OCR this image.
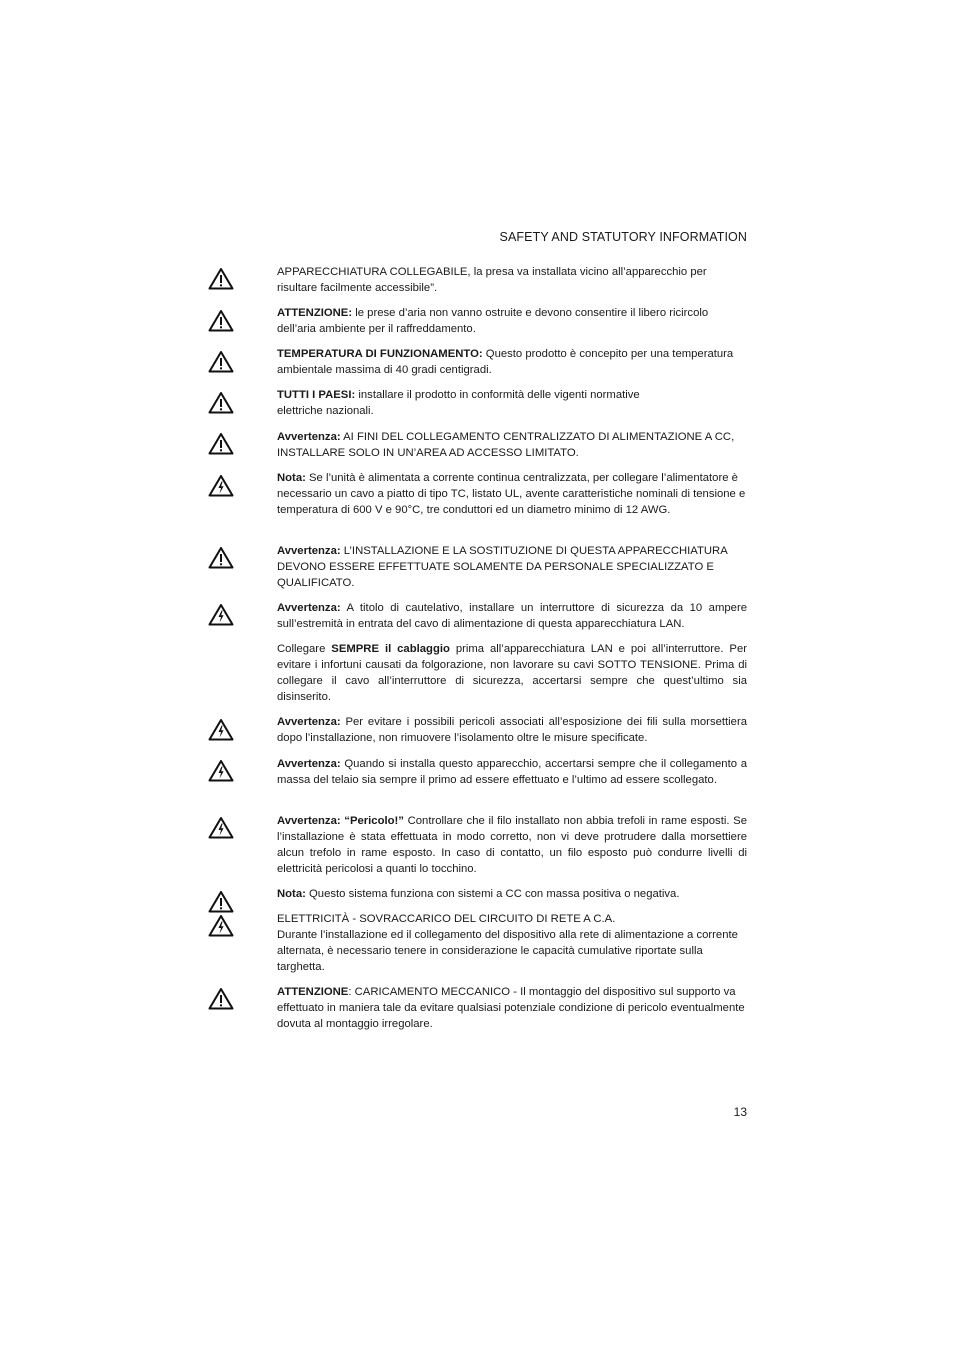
SAFETY AND STATUTORY INFORMATION
APPARECCHIATURA COLLEGABILE, la presa va installata vicino all’apparecchio per risultare facilmente accessibile”.
ATTENZIONE: le prese d’aria non vanno ostruite e devono consentire il libero ricircolo dell’aria ambiente per il raffreddamento.
TEMPERATURA DI FUNZIONAMENTO: Questo prodotto è concepito per una temperatura ambientale massima di 40 gradi centigradi.
TUTTI I PAESI: installare il prodotto in conformità delle vigenti normative elettriche nazionali.
Avvertenza: AI FINI DEL COLLEGAMENTO CENTRALIZZATO DI ALIMENTAZIONE A CC, INSTALLARE SOLO IN UN’AREA AD ACCESSO LIMITATO.
Nota: Se l’unità è alimentata a corrente continua centralizzata, per collegare l’alimentatore è necessario un cavo a piatto di tipo TC, listato UL, avente caratteristiche nominali di tensione e temperatura di 600 V e 90°C, tre conduttori ed un diametro minimo di 12 AWG.
Avvertenza: L’INSTALLAZIONE E LA SOSTITUZIONE DI QUESTA APPARECCHIATURA DEVONO ESSERE EFFETTUATE SOLAMENTE DA PERSONALE SPECIALIZZATO E QUALIFICATO.
Avvertenza: A titolo di cautelativo, installare un interruttore di sicurezza da 10 ampere sull’estremità in entrata del cavo di alimentazione di questa apparecchiatura LAN.
Collegare SEMPRE il cablaggio prima all’apparecchiatura LAN e poi all’interruttore. Per evitare i infortuni causati da folgorazione, non lavorare su cavi SOTTO TENSIONE. Prima di collegare il cavo all’interruttore di sicurezza, accertarsi sempre che quest’ultimo sia disinserito.
Avvertenza: Per evitare i possibili pericoli associati all’esposizione dei fili sulla morsettiera dopo l’installazione, non rimuovere l’isolamento oltre le misure specificate.
Avvertenza: Quando si installa questo apparecchio, accertarsi sempre che il collegamento a massa del telaio sia sempre il primo ad essere effettuato e l’ultimo ad essere scollegato.
Avvertenza: “Pericolo!” Controllare che il filo installato non abbia trefoli in rame esposti. Se l’installazione è stata effettuata in modo corretto, non vi deve protrudere dalla morsettiere alcun trefolo in rame esposto. In caso di contatto, un filo esposto può condurre livelli di elettricità pericolosi a quanti lo tocchino.
Nota: Questo sistema funziona con sistemi a CC con massa positiva o negativa.
ELETTRICITÀ - SOVRACCARICO DEL CIRCUITO DI RETE A C.A.
Durante l’installazione ed il collegamento del dispositivo alla rete di alimentazione a corrente alternata, è necessario tenere in considerazione le capacità cumulative riportate sulla targhetta.
ATTENZIONE: CARICAMENTO MECCANICO - Il montaggio del dispositivo sul supporto va effettuato in maniera tale da evitare qualsiasi potenziale condizione di pericolo eventualmente dovuta al montaggio irregolare.
13
